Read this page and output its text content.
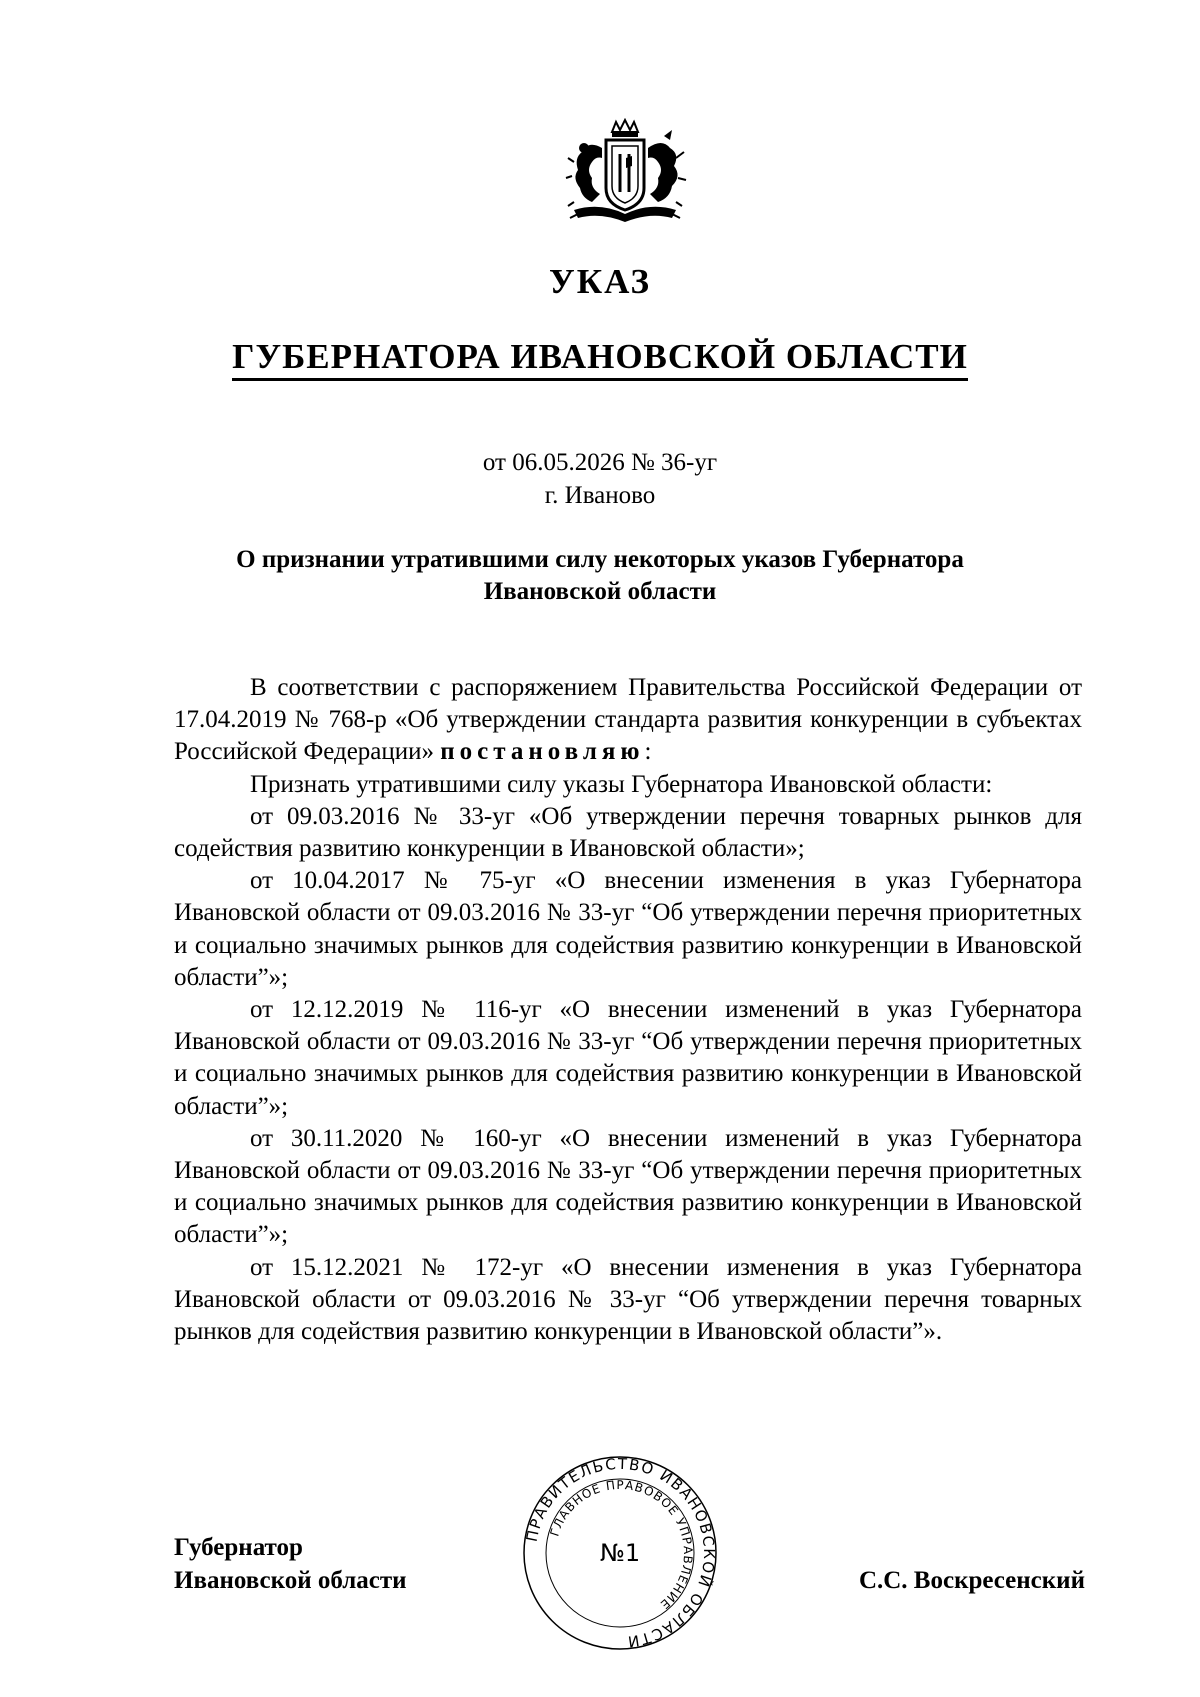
УКАЗ
ГУБЕРНАТОРА ИВАНОВСКОЙ ОБЛАСТИ
от 06.05.2026 № 36-уг
г. Иваново
О признании утратившими силу некоторых указов Губернатора
Ивановской области

В соответствии с распоряжением Правительства Российской Федерации от 17.04.2019 № 768-р «Об утверждении стандарта развития конкуренции в субъектах Российской Федерации» постановляю:

Признать утратившими силу указы Губернатора Ивановской области:

от 09.03.2016 № 33-уг «Об утверждении перечня товарных рынков для содействия развитию конкуренции в Ивановской области»;

от 10.04.2017 № 75-уг «О внесении изменения в указ Губернатора Ивановской области от 09.03.2016 № 33-уг “Об утверждении перечня приоритетных и социально значимых рынков для содействия развитию конкуренции в Ивановской области”»;

от 12.12.2019 № 116-уг «О внесении изменений в указ Губернатора Ивановской области от 09.03.2016 № 33-уг “Об утверждении перечня приоритетных и социально значимых рынков для содействия развитию конкуренции в Ивановской области”»;

от 30.11.2020 № 160-уг «О внесении изменений в указ Губернатора Ивановской области от 09.03.2016 № 33-уг “Об утверждении перечня приоритетных и социально значимых рынков для содействия развитию конкуренции в Ивановской области”»;

от 15.12.2021 № 172-уг «О внесении изменения в указ Губернатора Ивановской области от 09.03.2016 № 33-уг “Об утверждении перечня товарных рынков для содействия развитию конкуренции в Ивановской области”».

Губернатор
Ивановской области
ПРАВИТЕЛЬСТВО ИВАНОВСКОЙ ОБЛАСТИ
ГЛАВНОЕ ПРАВОВОЕ УПРАВЛЕНИЕ
№1
С.С. Воскресенский
